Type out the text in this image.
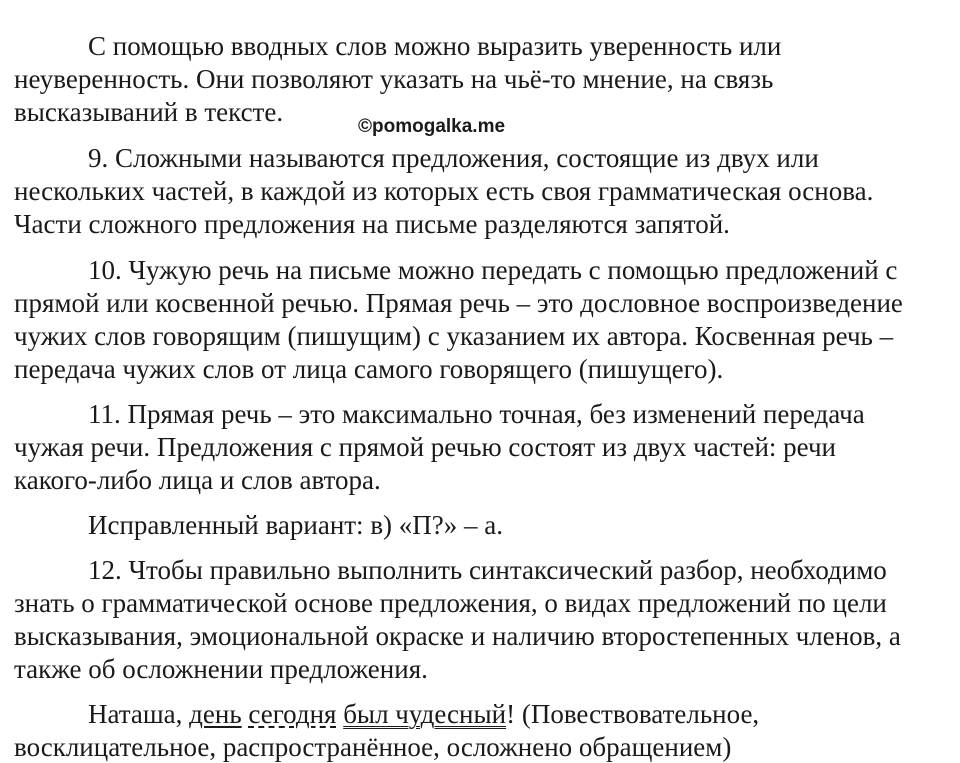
©pomogalka.me
С помощью вводных слов можно выразить уверенность или
неуверенность. Они позволяют указать на чьё-то мнение, на связь
высказываний в тексте.
9. Сложными называются предложения, состоящие из двух или
нескольких частей, в каждой из которых есть своя грамматическая основа.
Части сложного предложения на письме разделяются запятой.
10. Чужую речь на письме можно передать с помощью предложений с
прямой или косвенной речью. Прямая речь – это дословное воспроизведение
чужих слов говорящим (пишущим) с указанием их автора. Косвенная речь –
передача чужих слов от лица самого говорящего (пишущего).
11. Прямая речь – это максимально точная, без изменений передача
чужая речи. Предложения с прямой речью состоят из двух частей: речи
какого-либо лица и слов автора.
Исправленный вариант: в) «П?» – а.
12. Чтобы правильно выполнить синтаксический разбор, необходимо
знать о грамматической основе предложения, о видах предложений по цели
высказывания, эмоциональной окраске и наличию второстепенных членов, а
также об осложнении предложения.
Наташа, день сегодня был чудесный! (Повествовательное,
восклицательное, распространённое, осложнено обращением)
